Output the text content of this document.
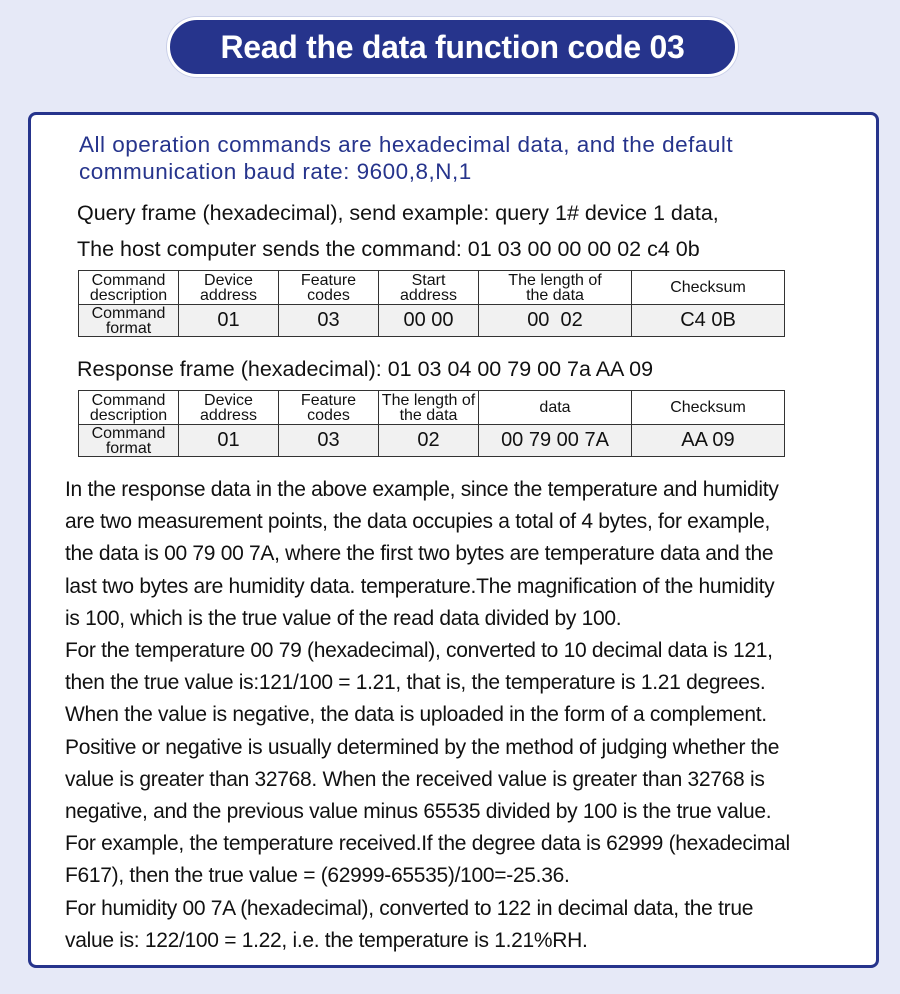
Read the data function code 03
All operation commands are hexadecimal data, and the default communication baud rate: 9600,8,N,1
Query frame (hexadecimal), send example: query 1# device 1 data,
The host computer sends the command: 01 03 00 00 00 02 c4 0b
Command description	Device address	Feature codes	Start address	The length of the data	Checksum

Command format	01	03	00 00	00  02	C4 0B
Response frame (hexadecimal): 01 03 04 00 79 00 7a AA 09
Command description	Device address	Feature codes	The length of the data	data	Checksum

Command format	01	03	02	00 79 00 7A	AA 09

In the response data in the above example, since the temperature and humidity

are two measurement points, the data occupies a total of 4 bytes, for example,

the data is 00 79 00 7A, where the first two bytes are temperature data and the

last two bytes are humidity data. temperature.The magnification of the humidity

is 100, which is the true value of the read data divided by 100.

For the temperature 00 79 (hexadecimal), converted to 10 decimal data is 121,

then the true value is:121/100 = 1.21, that is, the temperature is 1.21 degrees.

When the value is negative, the data is uploaded in the form of a complement.

Positive or negative is usually determined by the method of judging whether the

value is greater than 32768. When the received value is greater than 32768 is

negative, and the previous value minus 65535 divided by 100 is the true value.

For example, the temperature received.If the degree data is 62999 (hexadecimal

F617), then the true value = (62999-65535)/100=-25.36.

For humidity 00 7A (hexadecimal), converted to 122 in decimal data, the true

value is: 122/100 = 1.22, i.e. the temperature is 1.21%RH.
